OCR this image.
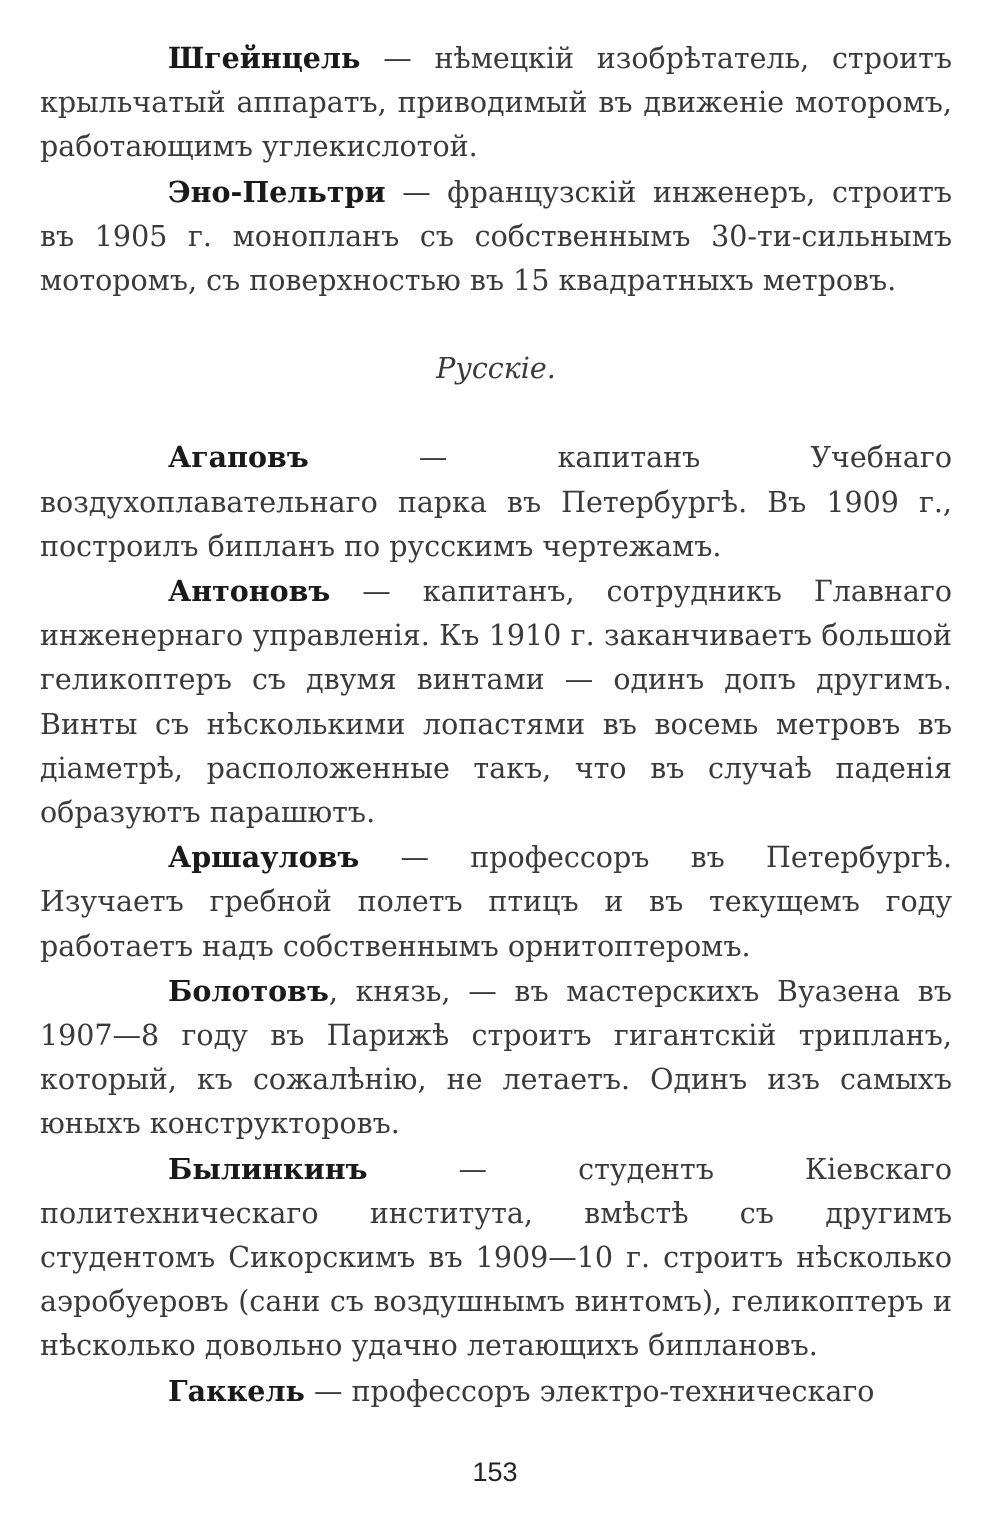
Шгейнцель — нѣмецкій изобрѣтатель, строитъ крыльчатый аппаратъ, приводимый въ движеніе моторомъ, работающимъ углекислотой.

Эно-Пельтри — французскій инженеръ, строитъ въ 1905 г. монопланъ съ собственнымъ 30-ти-сильнымъ моторомъ, съ поверхностью въ 15 квадратныхъ метровъ.

Русскіе.

Агаповъ — капитанъ Учебнаго воздухоплавательнаго парка въ Петербургѣ. Въ 1909 г., построилъ бипланъ по русскимъ чертежамъ.

Антоновъ — капитанъ, сотрудникъ Главнаго инженернаго управленія. Къ 1910 г. заканчиваетъ большой геликоптеръ съ двумя винтами — одинъ допъ другимъ. Винты съ нѣсколькими лопастями въ восемь метровъ въ діаметрѣ, расположенные такъ, что въ случаѣ паденія образуютъ парашютъ.

Аршауловъ — профессоръ въ Петербургѣ. Изучаетъ гребной полетъ птицъ и въ текущемъ году работаетъ надъ собственнымъ орнитоптеромъ.

Болотовъ, князь, — въ мастерскихъ Вуазена въ 1907—8 году въ Парижѣ строитъ гигантскій трипланъ, который, къ сожалѣнію, не летаетъ. Одинъ изъ самыхъ юныхъ конструкторовъ.

Былинкинъ — студентъ Кіевскаго политехническаго института, вмѣстѣ съ другимъ студентомъ Сикорскимъ въ 1909—10 г. строитъ нѣсколько аэробуеровъ (сани съ воздушнымъ винтомъ), геликоптеръ и нѣсколько довольно удачно летающихъ биплановъ.

Гаккель — профессоръ электро-техническаго

153
